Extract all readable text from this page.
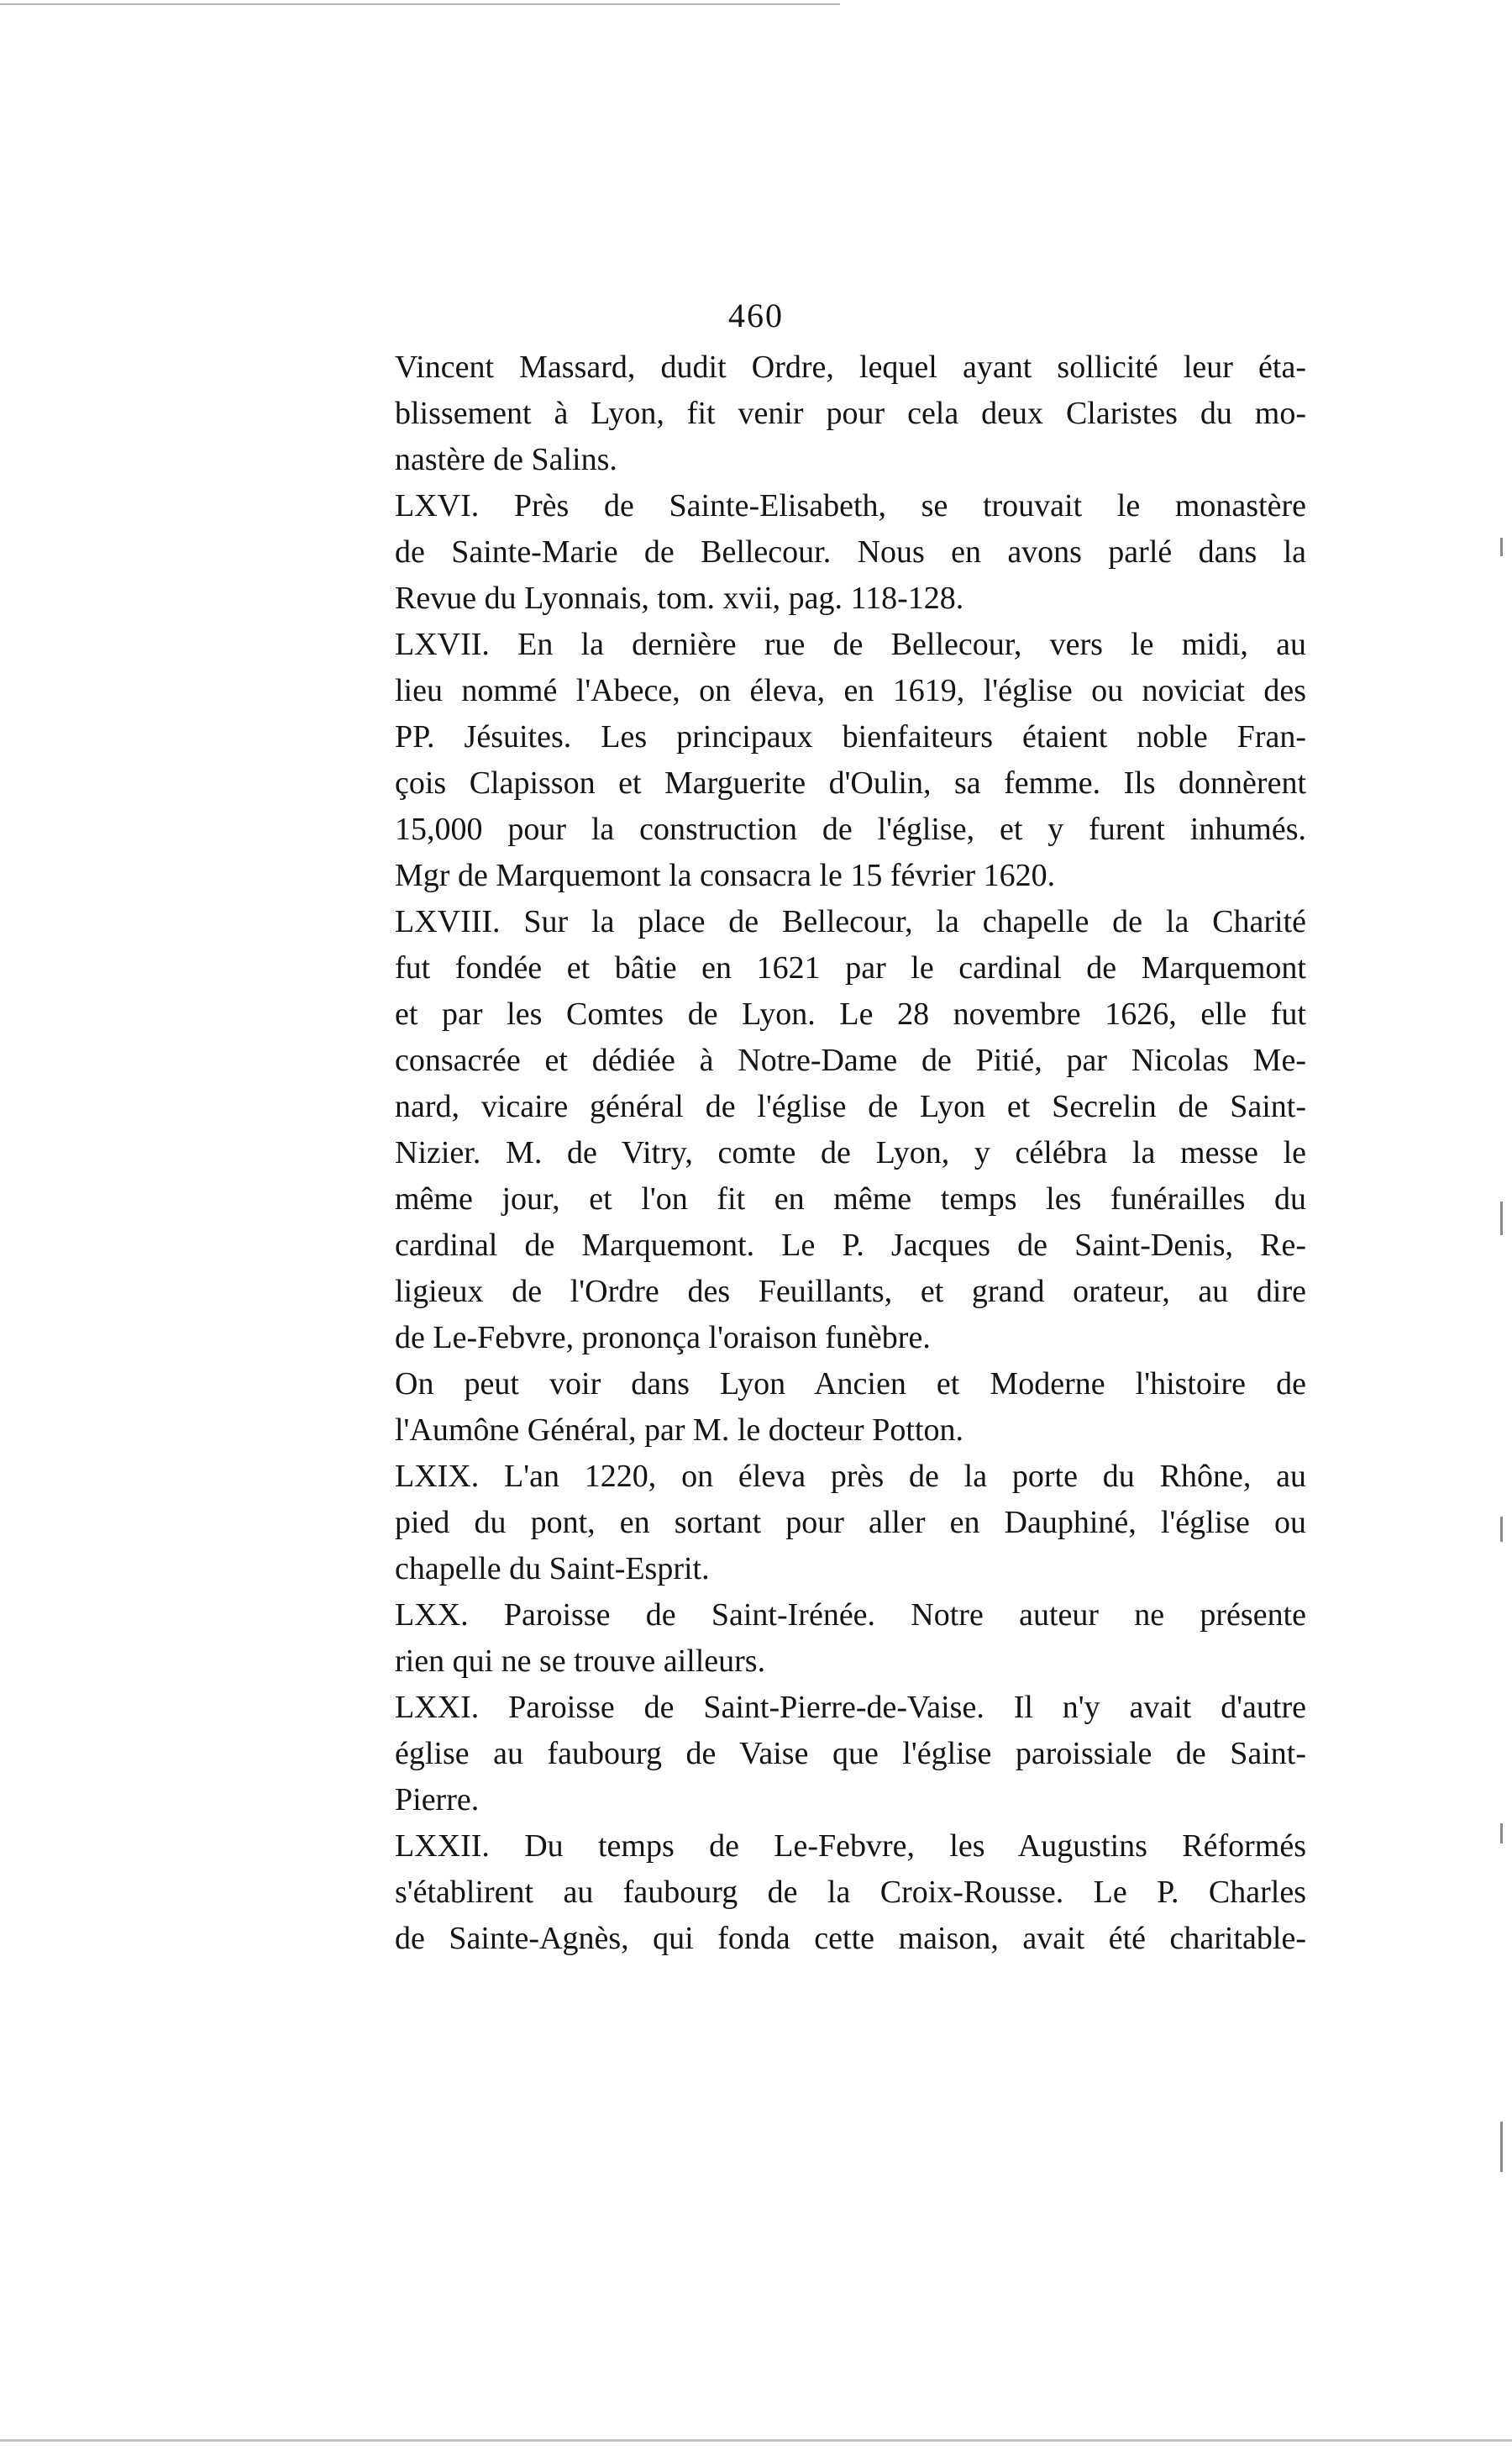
460
Vincent Massard, dudit Ordre, lequel ayant sollicité leur éta-
blissement à Lyon, fit venir pour cela deux Claristes du mo-
nastère de Salins.
LXVI. Près de Sainte-Elisabeth, se trouvait le monastère
de Sainte-Marie de Bellecour. Nous en avons parlé dans la
Revue du Lyonnais, tom. xvii, pag. 118-128.
LXVII. En la dernière rue de Bellecour, vers le midi, au
lieu nommé l'Abece, on éleva, en 1619, l'église ou noviciat des
PP. Jésuites. Les principaux bienfaiteurs étaient noble Fran-
çois Clapisson et Marguerite d'Oulin, sa femme. Ils donnèrent
15,000 pour la construction de l'église, et y furent inhumés.
Mgr de Marquemont la consacra le 15 février 1620.
LXVIII. Sur la place de Bellecour, la chapelle de la Charité
fut fondée et bâtie en 1621 par le cardinal de Marquemont
et par les Comtes de Lyon. Le 28 novembre 1626, elle fut
consacrée et dédiée à Notre-Dame de Pitié, par Nicolas Me-
nard, vicaire général de l'église de Lyon et Secrelin de Saint-
Nizier. M. de Vitry, comte de Lyon, y célébra la messe le
même jour, et l'on fit en même temps les funérailles du
cardinal de Marquemont. Le P. Jacques de Saint-Denis, Re-
ligieux de l'Ordre des Feuillants, et grand orateur, au dire
de Le-Febvre, prononça l'oraison funèbre.
On peut voir dans Lyon Ancien et Moderne l'histoire de
l'Aumône Général, par M. le docteur Potton.
LXIX. L'an 1220, on éleva près de la porte du Rhône, au
pied du pont, en sortant pour aller en Dauphiné, l'église ou
chapelle du Saint-Esprit.
LXX. Paroisse de Saint-Irénée. Notre auteur ne présente
rien qui ne se trouve ailleurs.
LXXI. Paroisse de Saint-Pierre-de-Vaise. Il n'y avait d'autre
église au faubourg de Vaise que l'église paroissiale de Saint-
Pierre.
LXXII. Du temps de Le-Febvre, les Augustins Réformés
s'établirent au faubourg de la Croix-Rousse. Le P. Charles
de Sainte-Agnès, qui fonda cette maison, avait été charitable-
